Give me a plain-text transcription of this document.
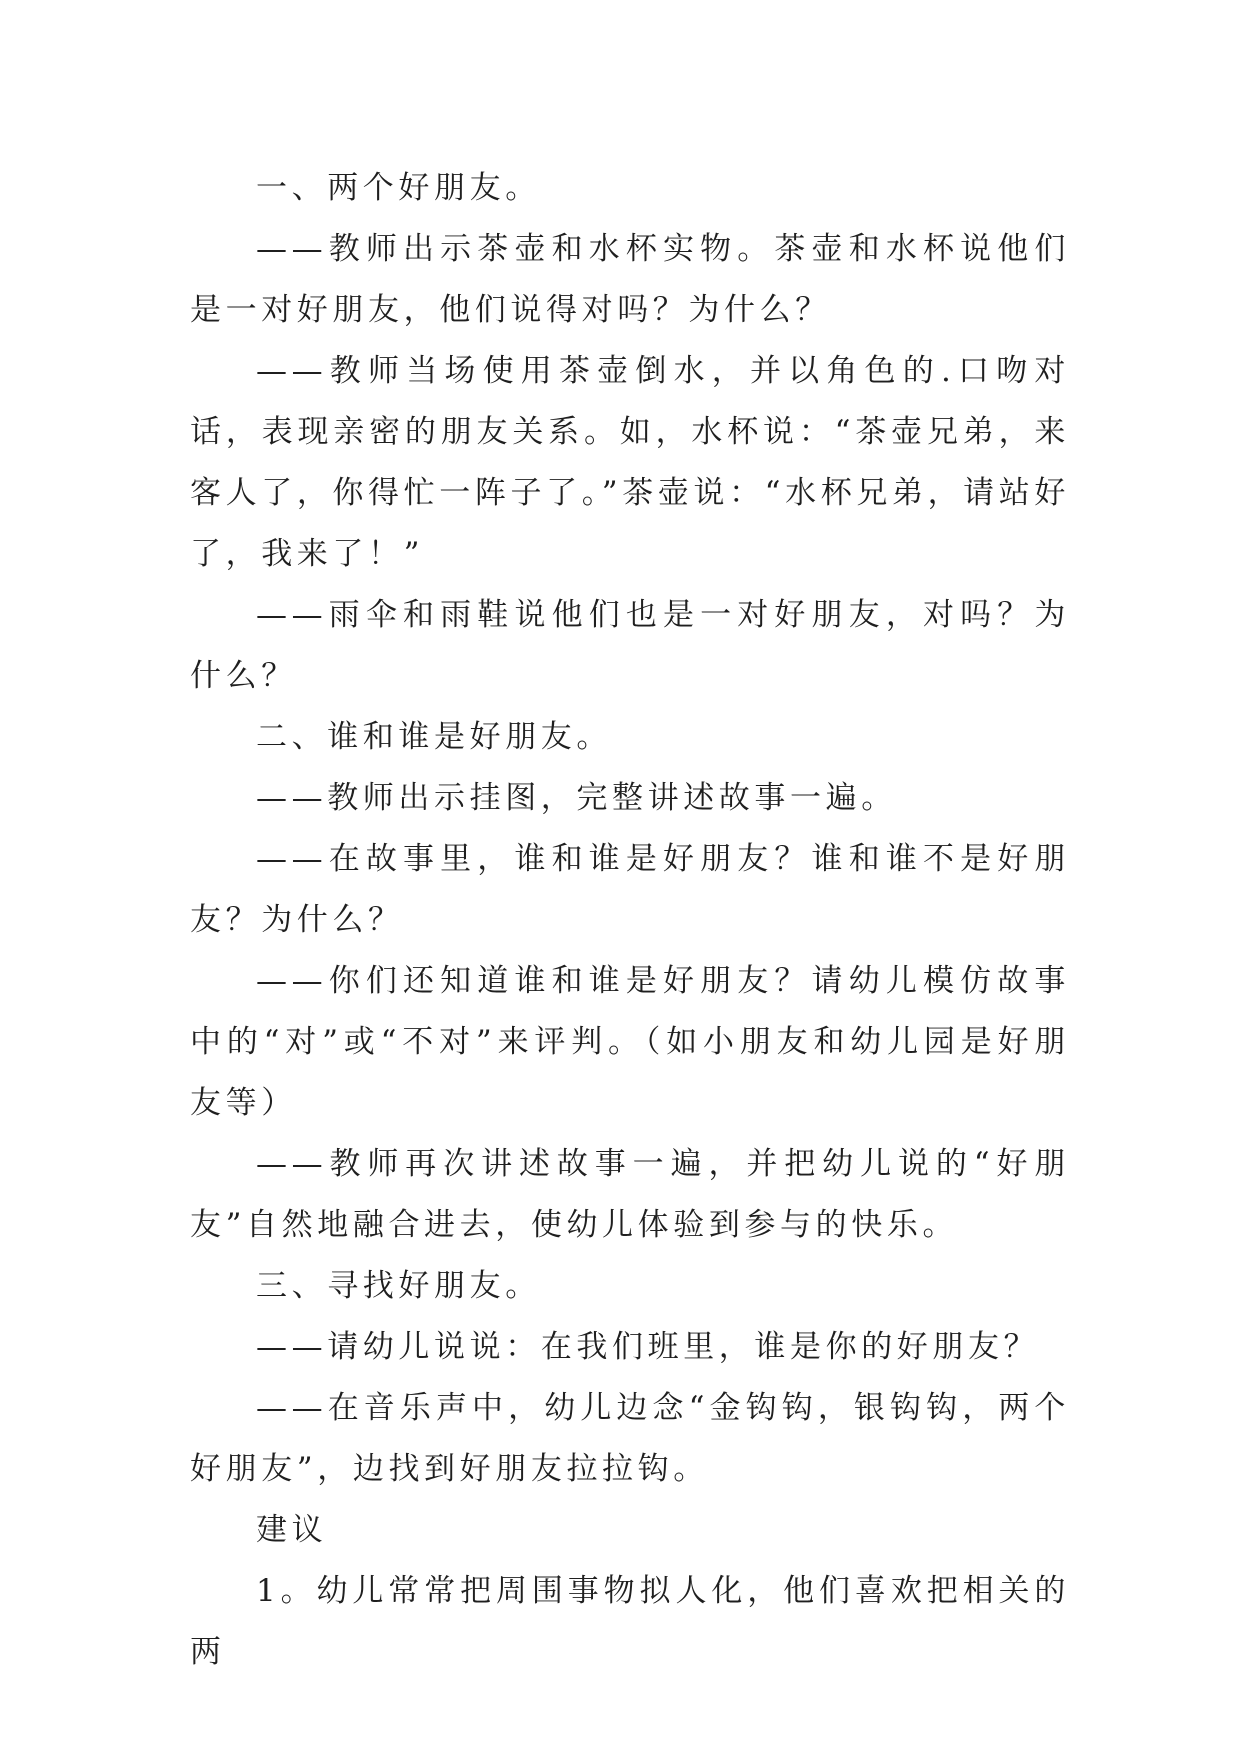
一、两个好朋友。

——教师出示茶壶和水杯实物。茶壶和水杯说他们是一对好朋友，他们说得对吗？为什么？

——教师当场使用茶壶倒水，并以角色的.口吻对话，表现亲密的朋友关系。如，水杯说：“茶壶兄弟，来客人了，你得忙一阵子了。”茶壶说：“水杯兄弟，请站好了，我来了！”

——雨伞和雨鞋说他们也是一对好朋友，对吗？为什么？

二、谁和谁是好朋友。

——教师出示挂图，完整讲述故事一遍。

——在故事里，谁和谁是好朋友？谁和谁不是好朋友？为什么？

——你们还知道谁和谁是好朋友？请幼儿模仿故事中的“对”或“不对”来评判。（如小朋友和幼儿园是好朋友等）

——教师再次讲述故事一遍，并把幼儿说的“好朋友”自然地融合进去，使幼儿体验到参与的快乐。

三、寻找好朋友。

——请幼儿说说：在我们班里，谁是你的好朋友？

——在音乐声中，幼儿边念“金钩钩，银钩钩，两个好朋友”，边找到好朋友拉拉钩。

建议

1。幼儿常常把周围事物拟人化，他们喜欢把相关的两
